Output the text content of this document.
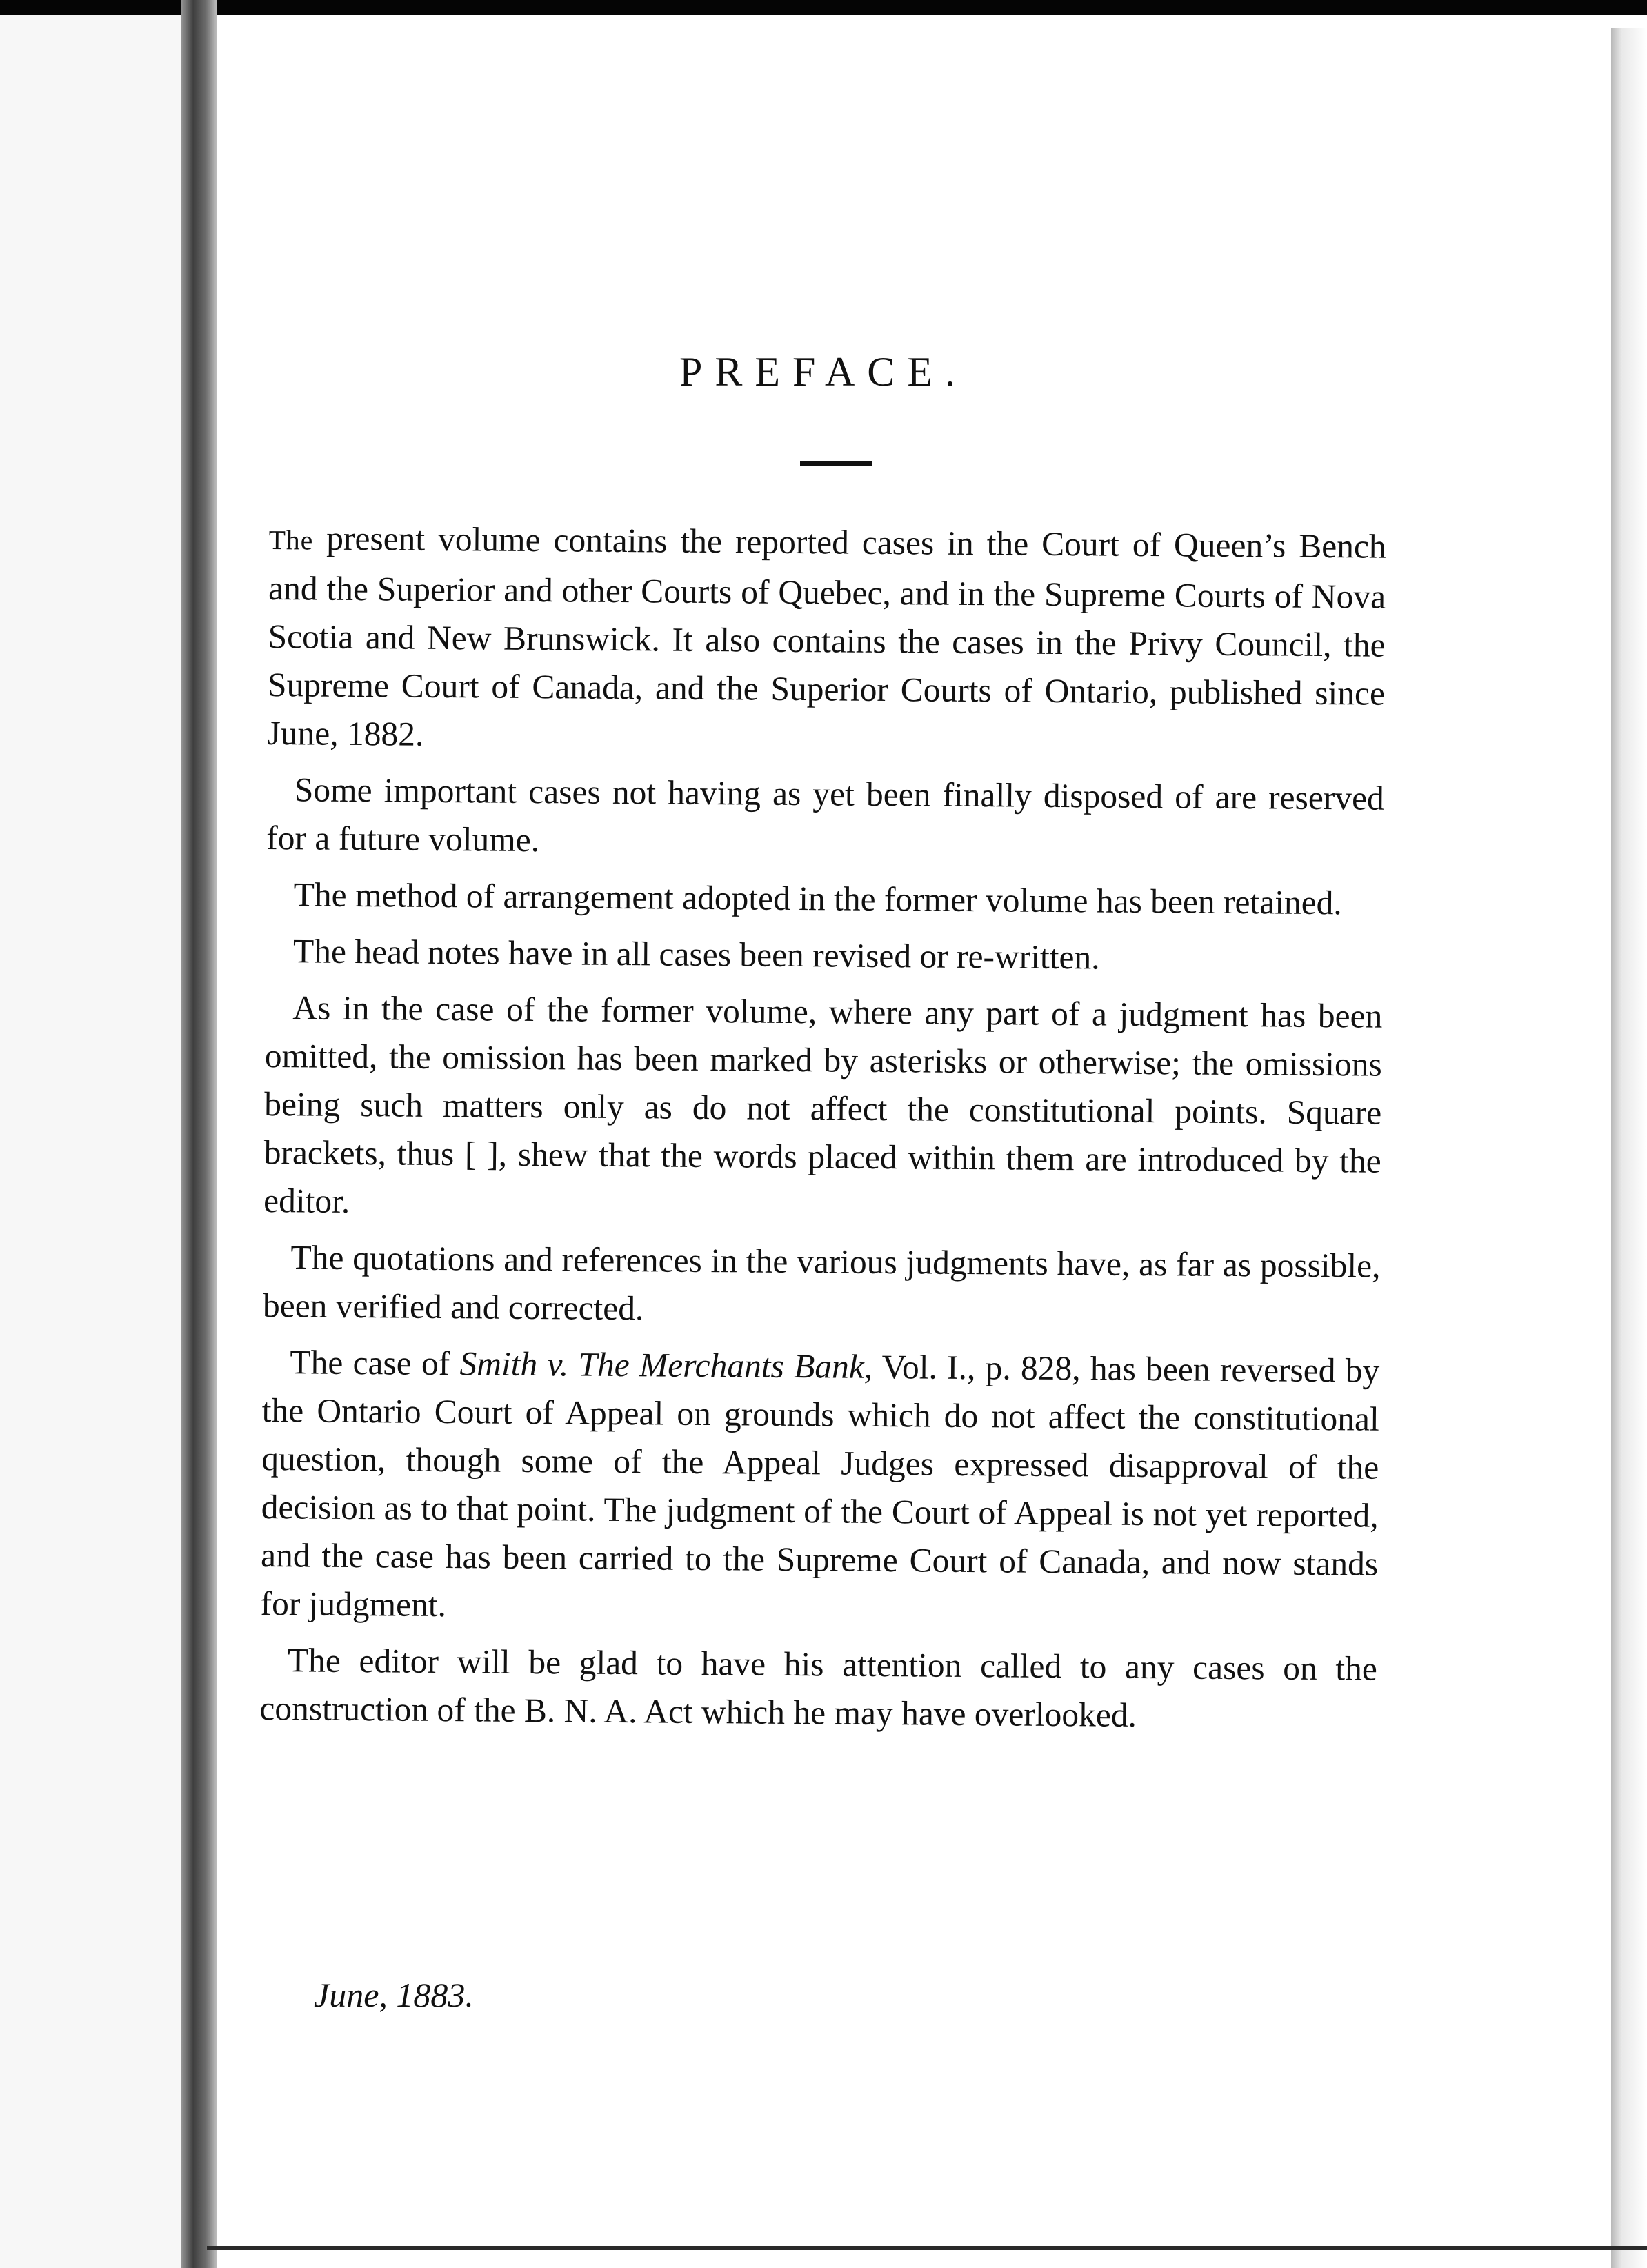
PREFACE.

The present volume contains the reported cases in the Court of Queen’s Bench and the Superior and other Courts of Quebec, and in the Supreme Courts of Nova Scotia and New Brunswick. It also contains the cases in the Privy Council, the Supreme Court of Canada, and the Superior Courts of Ontario, published since June, 1882.

Some important cases not having as yet been finally disposed of are reserved for a future volume.

The method of arrangement adopted in the former volume has been retained.

The head notes have in all cases been revised or re-written.

As in the case of the former volume, where any part of a judgment has been omitted, the omission has been marked by asterisks or otherwise; the omissions being such matters only as do not affect the constitutional points. Square brackets, thus [ ], shew that the words placed within them are introduced by the editor.

The quotations and references in the various judgments have, as far as possible, been verified and corrected.

The case of Smith v. The Merchants Bank, Vol. I., p. 828, has been reversed by the Ontario Court of Appeal on grounds which do not affect the constitutional question, though some of the Appeal Judges expressed disapproval of the decision as to that point. The judgment of the Court of Appeal is not yet reported, and the case has been carried to the Supreme Court of Canada, and now stands for judgment.

The editor will be glad to have his attention called to any cases on the construction of the B. N. A. Act which he may have overlooked.

June, 1883.
